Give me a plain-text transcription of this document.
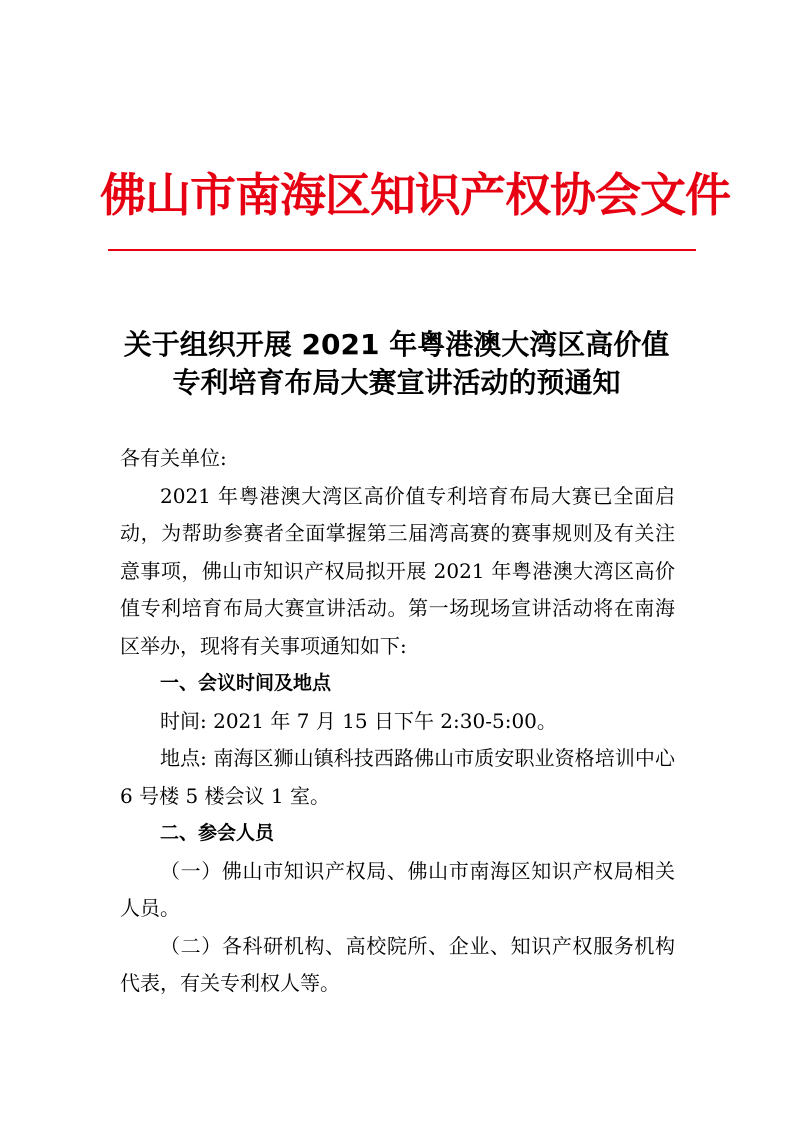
佛山市南海区知识产权协会文件
关于组织开展 2021 年粤港澳大湾区高价值
专利培育布局大赛宣讲活动的预通知

各有关单位:

2021 年粤港澳大湾区高价值专利培育布局大赛已全面启动，为帮助参赛者全面掌握第三届湾高赛的赛事规则及有关注意事项，佛山市知识产权局拟开展 2021 年粤港澳大湾区高价值专利培育布局大赛宣讲活动。第一场现场宣讲活动将在南海区举办，现将有关事项通知如下:

一、会议时间及地点

时间: 2021 年 7 月 15 日下午 2:30-5:00。

地点: 南海区狮山镇科技西路佛山市质安职业资格培训中心 6 号楼 5 楼会议 1 室。

二、参会人员

（一）佛山市知识产权局、佛山市南海区知识产权局相关人员。

（二）各科研机构、高校院所、企业、知识产权服务机构代表，有关专利权人等。
